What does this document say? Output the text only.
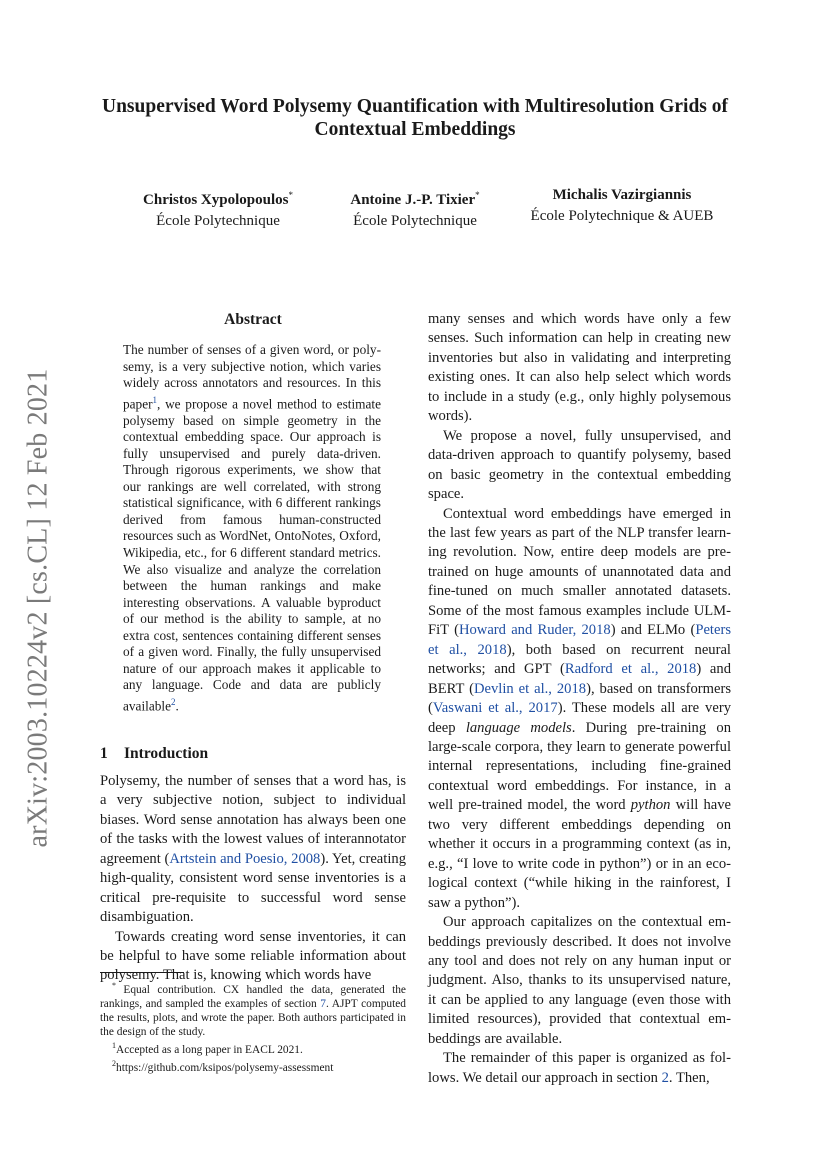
arXiv:2003.10224v2 [cs.CL] 12 Feb 2021
Unsupervised Word Polysemy Quantification with Multiresolution Grids of Contextual Embeddings
Christos Xypolopoulos*
École Polytechnique
Antoine J.-P. Tixier*
École Polytechnique
Michalis Vazirgiannis
École Polytechnique & AUEB
Abstract

The number of senses of a given word, or polysemy, is a very subjective notion, which varies widely across annotators and resources. In this paper$^1$, we propose a novel method to estimate polysemy based on simple geometry in the contextual embedding space. Our approach is fully unsupervised and purely data-driven. Through rigorous experiments, we show that our rankings are well correlated, with strong statistical significance, with 6 different rankings derived from famous human-constructed resources such as WordNet, OntoNotes, Oxford, Wikipedia, etc., for 6 different standard metrics. We also visualize and analyze the correlation between the human rankings and make interesting observations. A valuable byproduct of our method is the ability to sample, at no extra cost, sentences containing different senses of a given word. Finally, the fully unsupervised nature of our approach makes it applicable to any language. Code and data are publicly available$^2$.

1 Introduction

Polysemy, the number of senses that a word has, is a very subjective notion, subject to individual biases. Word sense annotation has always been one of the tasks with the lowest values of interannotator agreement (Artstein and Poesio, 2008). Yet, creating high-quality, consistent word sense inventories is a critical pre-requisite to successful word sense disambiguation.

Towards creating word sense inventories, it can be helpful to have some reliable information about polysemy. That is, knowing which words have

* Equal contribution. CX handled the data, generated the rankings, and sampled the examples of section 7. AJPT computed the results, plots, and wrote the paper. Both authors participated in the design of the study.

$^1$Accepted as a long paper in EACL 2021.

$^2$https://github.com/ksipos/polysemy-assessment

many senses and which words have only a few senses. Such information can help in creating new inventories but also in validating and interpreting existing ones. It can also help select which words to include in a study (e.g., only highly polysemous words).

We propose a novel, fully unsupervised, and data-driven approach to quantify polysemy, based on basic geometry in the contextual embedding space.

Contextual word embeddings have emerged in the last few years as part of the NLP transfer learning revolution. Now, entire deep models are pretrained on huge amounts of unannotated data and fine-tuned on much smaller annotated datasets. Some of the most famous examples include ULMFiT (Howard and Ruder, 2018) and ELMo (Peters et al., 2018), both based on recurrent neural networks; and GPT (Radford et al., 2018) and BERT (Devlin et al., 2018), based on transformers (Vaswani et al., 2017). These models all are very deep language models. During pre-training on large-scale corpora, they learn to generate powerful internal representations, including fine-grained contextual word embeddings. For instance, in a well pre-trained model, the word python will have two very different embeddings depending on whether it occurs in a programming context (as in, e.g., “I love to write code in python”) or in an ecological context (“while hiking in the rainforest, I saw a python”).

Our approach capitalizes on the contextual embeddings previously described. It does not involve any tool and does not rely on any human input or judgment. Also, thanks to its unsupervised nature, it can be applied to any language (even those with limited resources), provided that contextual embeddings are available.

The remainder of this paper is organized as follows. We detail our approach in section 2. Then,
